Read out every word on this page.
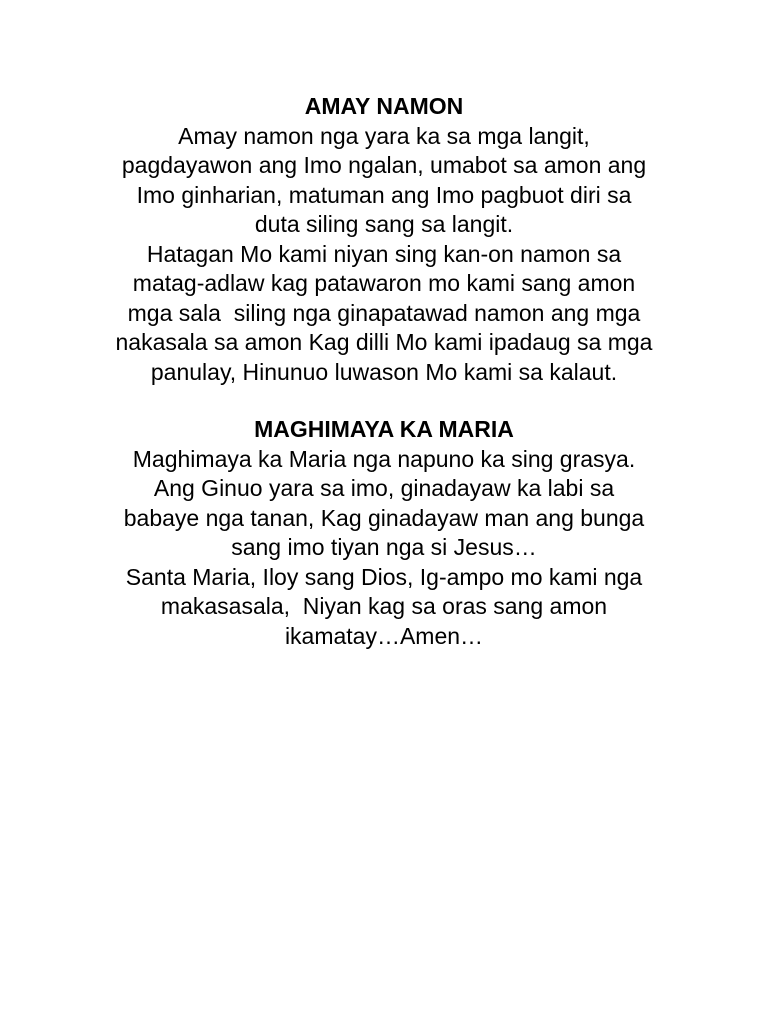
AMAY NAMON
Amay namon nga yara ka sa mga langit,
pagdayawon ang Imo ngalan, umabot sa amon ang
Imo ginharian, matuman ang Imo pagbuot diri sa
duta siling sang sa langit.
Hatagan Mo kami niyan sing kan-on namon sa
matag-adlaw kag patawaron mo kami sang amon
mga sala  siling nga ginapatawad namon ang mga
nakasala sa amon Kag dilli Mo kami ipadaug sa mga
panulay, Hinunuo luwason Mo kami sa kalaut.
MAGHIMAYA KA MARIA
Maghimaya ka Maria nga napuno ka sing grasya.
Ang Ginuo yara sa imo, ginadayaw ka labi sa
babaye nga tanan, Kag ginadayaw man ang bunga
sang imo tiyan nga si Jesus…
Santa Maria, Iloy sang Dios, Ig-ampo mo kami nga
makasasala,  Niyan kag sa oras sang amon
ikamatay…Amen…
